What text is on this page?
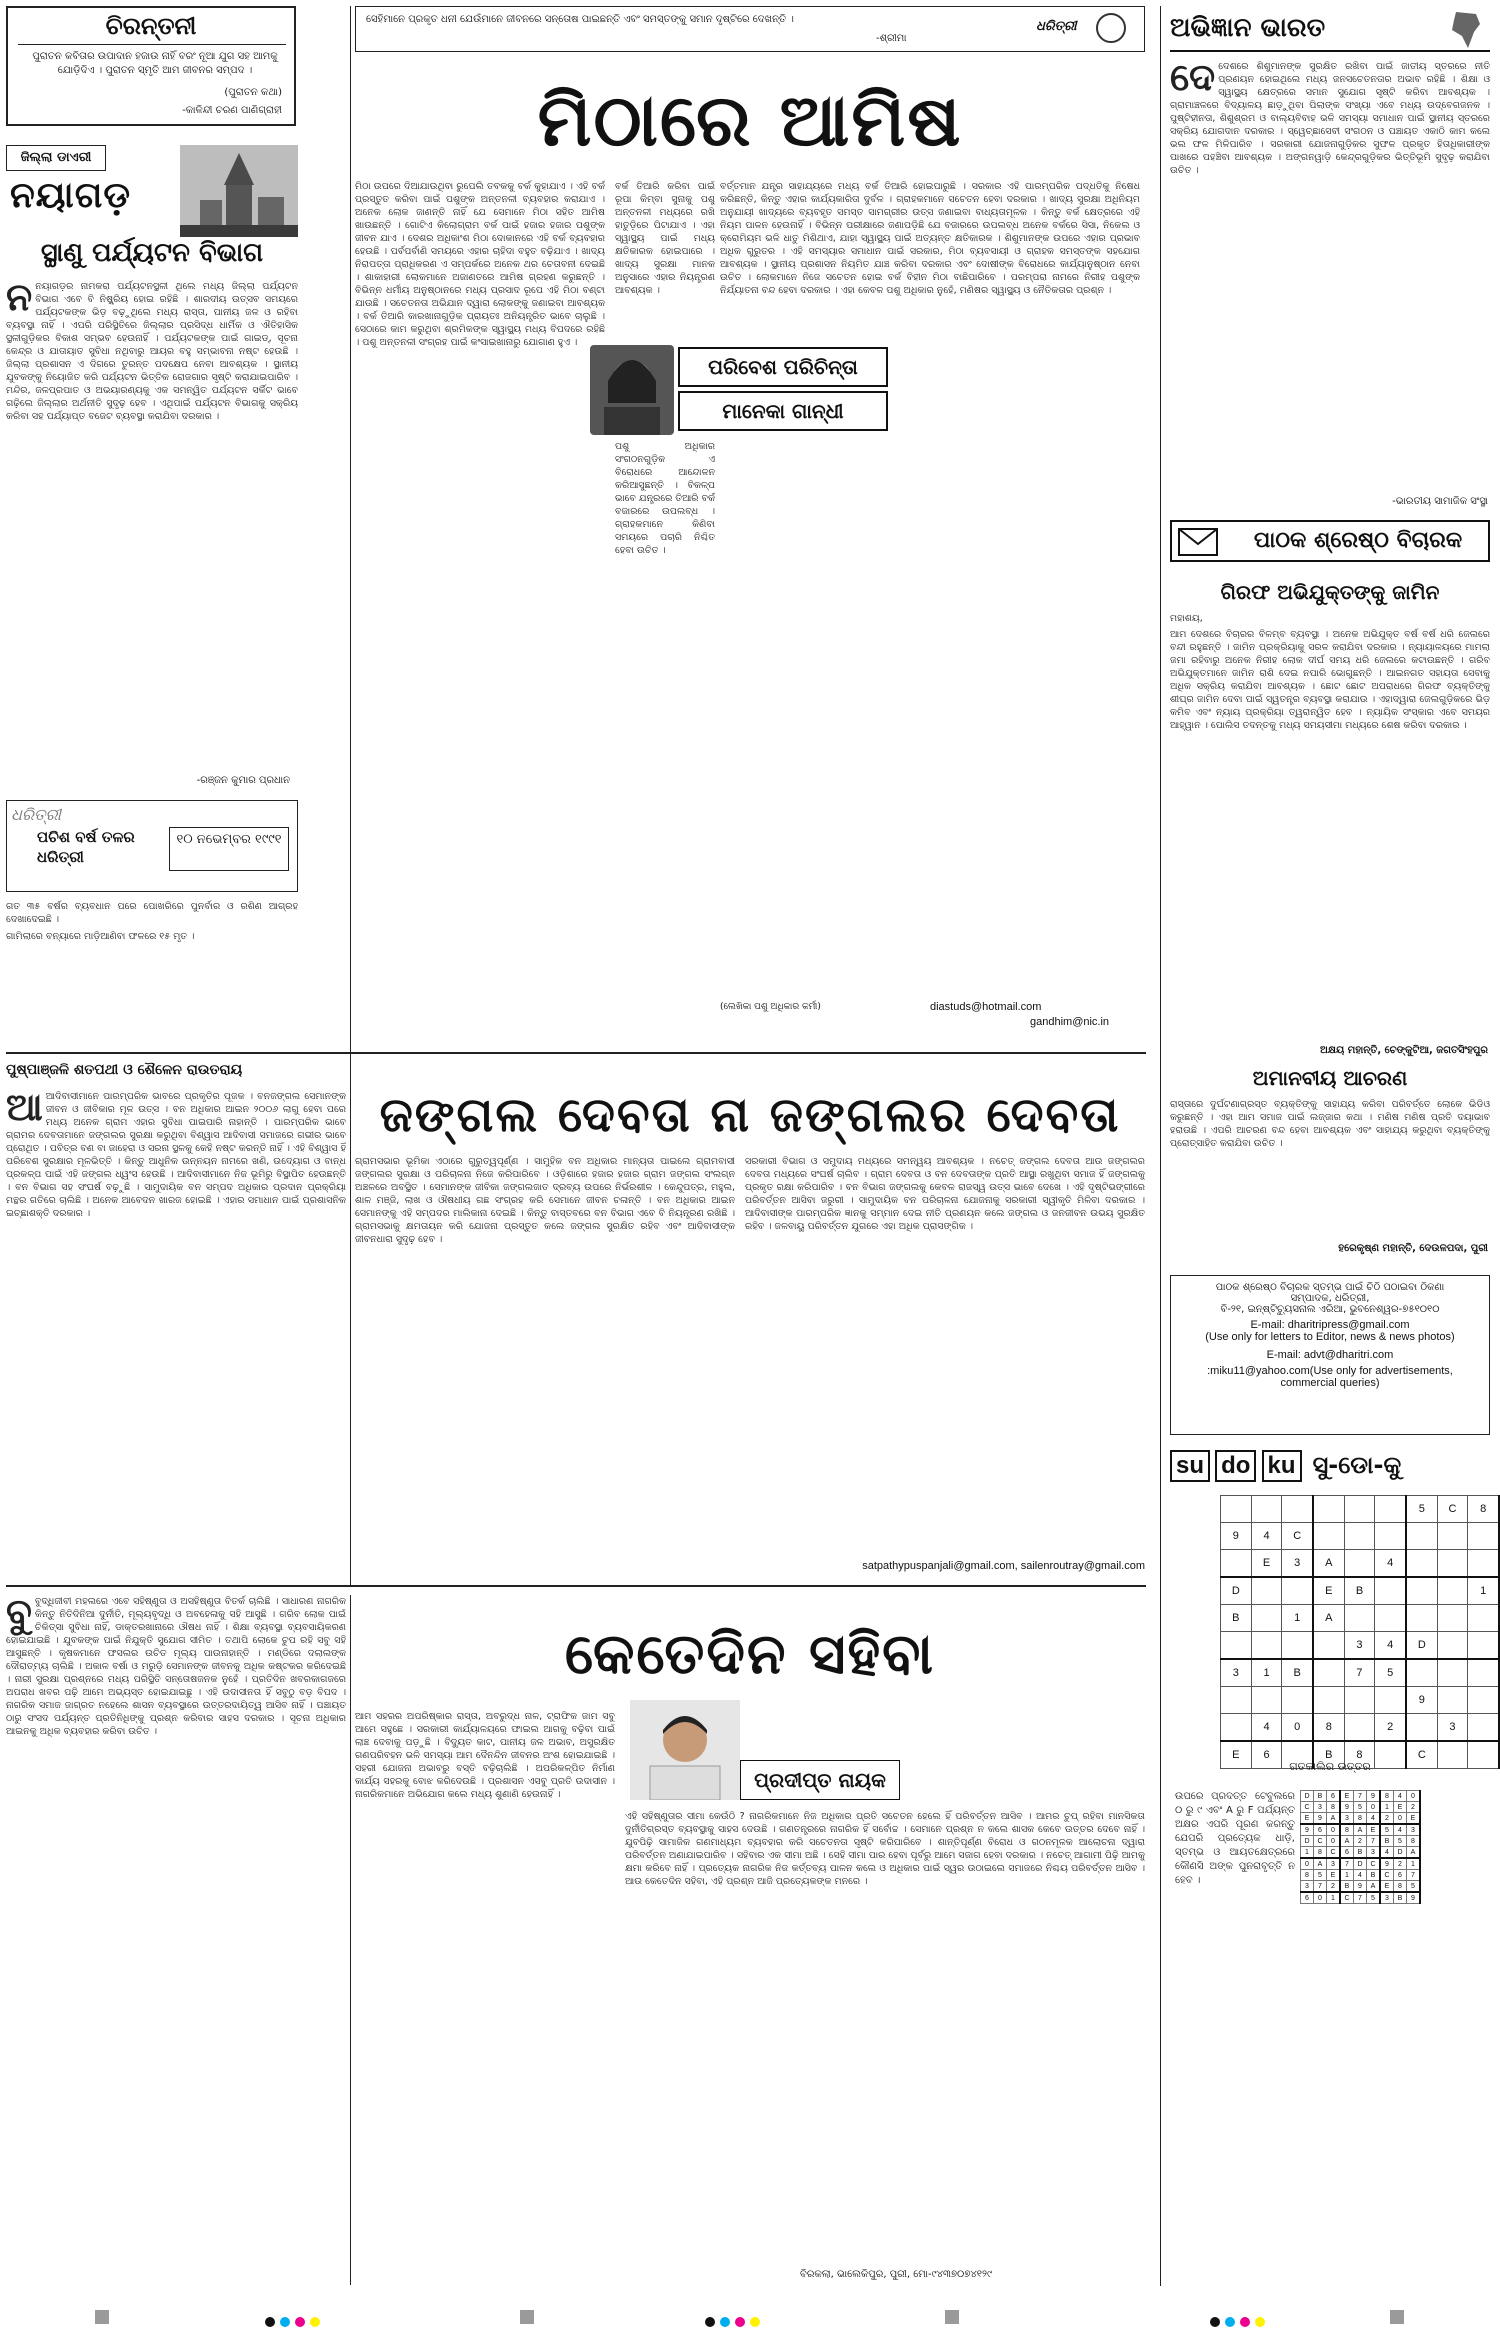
ଚିରନ୍ତନୀ
ପୁରାତନ କବିତାର ଉପାଦାନ ହଜାଉ ନାହିଁ ବରଂ ନୂଆ ଯୁଗ ସହ ଆମକୁ ଯୋଡ଼ିଦିଏ । ପୁରାତନ ସ୍ମୃତି ଆମ ଜୀବନର ସମ୍ପଦ ।
(ପୁରାତନ କଥା)
-କାଳିନ୍ଦୀ ଚରଣ ପାଣିଗ୍ରାହୀ
ଜିଲ୍ଲା ଡାଏରୀ
ନୟାଗଡ଼
ସ୍ଥାଣୁ ପର୍ଯ୍ୟଟନ ବିଭାଗ
ନ ନୟାଗଡ଼ର ନାମକରା ପର୍ଯ୍ୟଟନସ୍ଥଳୀ ଥିଲେ ମଧ୍ୟ ଜିଲ୍ଲା ପର୍ଯ୍ୟଟନ ବିଭାଗ ଏବେ ବି ନିଷ୍କ୍ରିୟ ହୋଇ ରହିଛି । ଶାରଦୀୟ ଉତ୍ସବ ସମୟରେ ପର୍ଯ୍ୟଟକଙ୍କ ଭିଡ଼ ବଢ଼ୁଥିଲେ ମଧ୍ୟ ରାସ୍ତା, ପାନୀୟ ଜଳ ଓ ରହିବା ବ୍ୟବସ୍ଥା ନାହିଁ । ଏପରି ପରିସ୍ଥିତିରେ ଜିଲ୍ଲାର ପ୍ରସିଦ୍ଧ ଧାର୍ମିକ ଓ ଐତିହାସିକ ସ୍ଥଳୀଗୁଡ଼ିକର ବିକାଶ ସମ୍ଭବ ହେଉନାହିଁ । ପର୍ଯ୍ୟଟକଙ୍କ ପାଇଁ ଗାଇଡ୍, ସୂଚନା କେନ୍ଦ୍ର ଓ ଯାତାୟାତ ସୁବିଧା ନଥିବାରୁ ଆୟର ବହୁ ସମ୍ଭାବନା ନଷ୍ଟ ହେଉଛି । ଜିଲ୍ଲା ପ୍ରଶାସନ ଏ ଦିଗରେ ତୁରନ୍ତ ପଦକ୍ଷେପ ନେବା ଆବଶ୍ୟକ । ସ୍ଥାନୀୟ ଯୁବକଙ୍କୁ ନିୟୋଜିତ କରି ପର୍ଯ୍ୟଟନ ଭିତ୍ତିକ ରୋଜଗାର ସୃଷ୍ଟି କରାଯାଇପାରିବ । ମନ୍ଦିର, ଜଳପ୍ରପାତ ଓ ଅଭୟାରଣ୍ୟକୁ ଏକ ସମନ୍ୱିତ ପର୍ଯ୍ୟଟନ ସର୍କିଟ ଭାବେ ଗଢ଼ିଲେ ଜିଲ୍ଲାର ଅର୍ଥନୀତି ସୁଦୃଢ଼ ହେବ । ଏଥିପାଇଁ ପର୍ଯ୍ୟଟନ ବିଭାଗକୁ ସକ୍ରିୟ କରିବା ସହ ପର୍ଯ୍ୟାପ୍ତ ବଜେଟ ବ୍ୟବସ୍ଥା କରାଯିବା ଦରକାର ।
-ରଞ୍ଜନ କୁମାର ପ୍ରଧାନ
ଧରିତ୍ରୀ
ପଚିଶ ବର୍ଷ ତଳର ଧରିତ୍ରୀ
୧୦ ନଭେମ୍ବର ୧୯୯୧
ଗତ ୩୫ ବର୍ଷର ବ୍ୟବଧାନ ପରେ ପୋଖରିରେ ପୁନର୍ବାର ଓ ରଶିଣ ଆଗ୍ରହ ଦେଖାଦେଇଛି ।
ଗାମିଲାରେ ବନ୍ୟାରେ ମାଡ଼ିଆଣିବା ଫଳରେ ୧୫ ମୃତ ।
ସେହିମାନେ ପ୍ରକୃତ ଧନୀ ଯେଉଁମାନେ ଜୀବନରେ ସନ୍ତୋଷ ପାଇଛନ୍ତି ଏବଂ ସମସ୍ତଙ୍କୁ ସମାନ ଦୃଷ୍ଟିରେ ଦେଖନ୍ତି ।
-ଶ୍ରୀମା
ଧରିତ୍ରୀ
ମିଠାରେ ଆମିଷ
ମିଠା ଉପରେ ଦିଆଯାଉଥିବା ରୁପେଲି ତବକକୁ ବର୍କ କୁହାଯାଏ । ଏହି ବର୍କ ପ୍ରସ୍ତୁତ କରିବା ପାଇଁ ପଶୁଙ୍କ ଅନ୍ତନଳୀ ବ୍ୟବହାର କରାଯାଏ । ଅନେକ ଲୋକ ଜାଣନ୍ତି ନାହିଁ ଯେ ସେମାନେ ମିଠା ସହିତ ଆମିଷ ଖାଉଛନ୍ତି । ଗୋଟିଏ କିଲୋଗ୍ରାମ ବର୍କ ପାଇଁ ହଜାର ହଜାର ପଶୁଙ୍କ ଜୀବନ ଯାଏ । ଦେଶର ଅଧିକାଂଶ ମିଠା ଦୋକାନରେ ଏହି ବର୍କ ବ୍ୟବହାର ହେଉଛି । ପର୍ବପର୍ବାଣି ସମୟରେ ଏହାର ଚାହିଦା ବହୁତ ବଢ଼ିଯାଏ । ଖାଦ୍ୟ ନିରାପତ୍ତା ପ୍ରାଧିକରଣ ଏ ସମ୍ପର୍କରେ ଅନେକ ଥର ଚେତାବନୀ ଦେଇଛି । ଶାକାହାରୀ ଲୋକମାନେ ଅଜାଣତରେ ଆମିଷ ଗ୍ରହଣ କରୁଛନ୍ତି । ବିଭିନ୍ନ ଧର୍ମୀୟ ଅନୁଷ୍ଠାନରେ ମଧ୍ୟ ପ୍ରସାଦ ରୂପେ ଏହି ମିଠା ବଣ୍ଟା ଯାଉଛି । ସଚେତନତା ଅଭିଯାନ ଦ୍ୱାରା ଲୋକଙ୍କୁ ଜଣାଇବା ଆବଶ୍ୟକ । ବର୍କ ତିଆରି କାରଖାନାଗୁଡ଼ିକ ପ୍ରାୟତଃ ଅନିୟନ୍ତ୍ରିତ ଭାବେ ଚାଲୁଛି । ସେଠାରେ କାମ କରୁଥିବା ଶ୍ରମିକଙ୍କ ସ୍ୱାସ୍ଥ୍ୟ ମଧ୍ୟ ବିପଦରେ ରହିଛି । ପଶୁ ଅନ୍ତନଳୀ ସଂଗ୍ରହ ପାଇଁ କଂସାଇଖାନାରୁ ଯୋଗାଣ ହୁଏ ।
ବର୍କ ତିଆରି କରିବା ପାଇଁ ରୂପା କିମ୍ବା ସୁନାକୁ ପଶୁ ଅନ୍ତନଳୀ ମଧ୍ୟରେ ରଖି ହାତୁଡ଼ିରେ ପିଟାଯାଏ । ଏହା ସ୍ୱାସ୍ଥ୍ୟ ପାଇଁ ମଧ୍ୟ କ୍ଷତିକାରକ ହୋଇପାରେ । ଖାଦ୍ୟ ସୁରକ୍ଷା ମାନକ ଅନୁସାରେ ଏହାର ନିୟନ୍ତ୍ରଣ ଆବଶ୍ୟକ ।
ପରିବେଶ ପରିଚିନ୍ତା
ମାନେକା ଗାନ୍ଧୀ
ପଶୁ ଅଧିକାର ସଂଗଠନଗୁଡ଼ିକ ଏ ବିରୋଧରେ ଆନ୍ଦୋଳନ କରିଆସୁଛନ୍ତି । ବିକଳ୍ପ ଭାବେ ଯନ୍ତ୍ରରେ ତିଆରି ବର୍କ ବଜାରରେ ଉପଲବ୍ଧ । ଗ୍ରାହକମାନେ କିଣିବା ସମୟରେ ପଚାରି ନିଶ୍ଚିତ ହେବା ଉଚିତ ।
ବର୍ତ୍ତମାନ ଯନ୍ତ୍ର ସାହାଯ୍ୟରେ ମଧ୍ୟ ବର୍କ ତିଆରି ହୋଇପାରୁଛି । ସରକାର ଏହି ପାରମ୍ପରିକ ପଦ୍ଧତିକୁ ନିଷେଧ କରିଛନ୍ତି, କିନ୍ତୁ ଏହାର କାର୍ଯ୍ୟକାରିତା ଦୁର୍ବଳ । ଗ୍ରାହକମାନେ ସଚେତନ ହେବା ଦରକାର । ଖାଦ୍ୟ ସୁରକ୍ଷା ଅଧିନିୟମ ଅନୁଯାୟୀ ଖାଦ୍ୟରେ ବ୍ୟବହୃତ ସମସ୍ତ ସାମଗ୍ରୀର ଉତ୍ସ ଜଣାଇବା ବାଧ୍ୟତାମୂଳକ । କିନ୍ତୁ ବର୍କ କ୍ଷେତ୍ରରେ ଏହି ନିୟମ ପାଳନ ହେଉନାହିଁ । ବିଭିନ୍ନ ପରୀକ୍ଷାରେ ଜଣାପଡ଼ିଛି ଯେ ବଜାରରେ ଉପଲବ୍ଧ ଅନେକ ବର୍କରେ ସିସା, ନିକେଲ ଓ କ୍ରୋମିୟମ ଭଳି ଧାତୁ ମିଶିଥାଏ, ଯାହା ସ୍ୱାସ୍ଥ୍ୟ ପାଇଁ ଅତ୍ୟନ୍ତ କ୍ଷତିକାରକ । ଶିଶୁମାନଙ୍କ ଉପରେ ଏହାର ପ୍ରଭାବ ଅଧିକ ଗୁରୁତର । ଏହି ସମସ୍ୟାର ସମାଧାନ ପାଇଁ ସରକାର, ମିଠା ବ୍ୟବସାୟୀ ଓ ଗ୍ରାହକ ସମସ୍ତଙ୍କ ସହଯୋଗ ଆବଶ୍ୟକ । ସ୍ଥାନୀୟ ପ୍ରଶାସନ ନିୟମିତ ଯାଞ୍ଚ କରିବା ଦରକାର ଏବଂ ଦୋଷୀଙ୍କ ବିରୋଧରେ କାର୍ଯ୍ୟାନୁଷ୍ଠାନ ନେବା ଉଚିତ । ଲୋକମାନେ ନିଜେ ସଚେତନ ହୋଇ ବର୍କ ବିହୀନ ମିଠା ବାଛିପାରିବେ । ପରମ୍ପରା ନାମରେ ନିରୀହ ପଶୁଙ୍କ ନିର୍ଯ୍ୟାତନା ବନ୍ଦ ହେବା ଦରକାର । ଏହା କେବଳ ପଶୁ ଅଧିକାର ନୁହେଁ, ମଣିଷର ସ୍ୱାସ୍ଥ୍ୟ ଓ ନୈତିକତାର ପ୍ରଶ୍ନ ।
(ଲେଖିକା ପଶୁ ଅଧିକାର କର୍ମୀ)	diastuds@hotmail.com
gandhim@nic.in
ଅଭିଜ୍ଞାନ ଭାରତ
ଦେ ଦେଶରେ ଶିଶୁମାନଙ୍କ ସୁରକ୍ଷିତ ରଖିବା ପାଇଁ ଜାତୀୟ ସ୍ତରରେ ନୀତି ପ୍ରଣୟନ ହୋଇଥିଲେ ମଧ୍ୟ ଜନସଚେତନତାର ଅଭାବ ରହିଛି । ଶିକ୍ଷା ଓ ସ୍ୱାସ୍ଥ୍ୟ କ୍ଷେତ୍ରରେ ସମାନ ସୁଯୋଗ ସୃଷ୍ଟି କରିବା ଆବଶ୍ୟକ । ଗ୍ରାମାଞ୍ଚଳରେ ବିଦ୍ୟାଳୟ ଛାଡ଼ୁଥିବା ପିଲାଙ୍କ ସଂଖ୍ୟା ଏବେ ମଧ୍ୟ ଉଦ୍ବେଗଜନକ । ପୁଷ୍ଟିହୀନତା, ଶିଶୁଶ୍ରମ ଓ ବାଲ୍ୟବିବାହ ଭଳି ସମସ୍ୟା ସମାଧାନ ପାଇଁ ସ୍ଥାନୀୟ ସ୍ତରରେ ସକ୍ରିୟ ଯୋଗଦାନ ଦରକାର । ସ୍ୱେଚ୍ଛାସେବୀ ସଂଗଠନ ଓ ପଞ୍ଚାୟତ ଏକାଠି କାମ କଲେ ଭଲ ଫଳ ମିଳିପାରିବ । ସରକାରୀ ଯୋଜନାଗୁଡ଼ିକର ସୁଫଳ ପ୍ରକୃତ ହିତାଧିକାରୀଙ୍କ ପାଖରେ ପହଞ୍ଚିବା ଆବଶ୍ୟକ । ଅଙ୍ଗନୱାଡ଼ି କେନ୍ଦ୍ରଗୁଡ଼ିକର ଭିତ୍ତିଭୂମି ସୁଦୃଢ଼ କରାଯିବା ଉଚିତ ।
-ଭାରତୀୟ ସାମାଜିକ ସଂସ୍ଥା
ପାଠକ ଶ୍ରେଷ୍ଠ ବିଚାରକ
ଗିରଫ ଅଭିଯୁକ୍ତଙ୍କୁ ଜାମିନ
ମହାଶୟ,
ଆମ ଦେଶରେ ବିଚାରର ବିଳମ୍ବ ବ୍ୟବସ୍ଥା । ଅନେକ ଅଭିଯୁକ୍ତ ବର୍ଷ ବର୍ଷ ଧରି ଜେଲରେ ବନ୍ଦୀ ରହୁଛନ୍ତି । ଜାମିନ ପ୍ରକ୍ରିୟାକୁ ସରଳ କରାଯିବା ଦରକାର । ନ୍ୟାୟାଳୟରେ ମାମଲା ଜମା ରହିବାରୁ ଅନେକ ନିରୀହ ଲୋକ ଦୀର୍ଘ ସମୟ ଧରି ଜେଲରେ କଟାଉଛନ୍ତି । ଗରିବ ଅଭିଯୁକ୍ତମାନେ ଜାମିନ ରାଶି ଦେଇ ନପାରି ଭୋଗୁଛନ୍ତି । ଆଇନଗତ ସହାୟତା ସେବାକୁ ଅଧିକ ସକ୍ରିୟ କରାଯିବା ଆବଶ୍ୟକ । ଛୋଟ ଛୋଟ ଅପରାଧରେ ଗିରଫ ବ୍ୟକ୍ତିଙ୍କୁ ଶୀଘ୍ର ଜାମିନ ଦେବା ପାଇଁ ସ୍ୱତନ୍ତ୍ର ବ୍ୟବସ୍ଥା କରାଯାଉ । ଏହାଦ୍ୱାରା ଜେଲଗୁଡ଼ିକରେ ଭିଡ଼ କମିବ ଏବଂ ନ୍ୟାୟ ପ୍ରକ୍ରିୟା ତ୍ୱରାନ୍ୱିତ ହେବ । ନ୍ୟାୟିକ ସଂସ୍କାର ଏବେ ସମୟର ଆହ୍ୱାନ । ପୋଲିସ ତଦନ୍ତକୁ ମଧ୍ୟ ସମୟସୀମା ମଧ୍ୟରେ ଶେଷ କରିବା ଦରକାର ।
ଅକ୍ଷୟ ମହାନ୍ତି, ଚେଙ୍କୁଟିଆ, ଜଗତସିଂହପୁର
ଅମାନବୀୟ ଆଚରଣ
ରାସ୍ତାରେ ଦୁର୍ଘଟଣାଗ୍ରସ୍ତ ବ୍ୟକ୍ତିଙ୍କୁ ସାହାଯ୍ୟ କରିବା ପରିବର୍ତ୍ତେ ଲୋକେ ଭିଡିଓ କରୁଛନ୍ତି । ଏହା ଆମ ସମାଜ ପାଇଁ ଲଜ୍ଜାର କଥା । ମଣିଷ ମଣିଷ ପ୍ରତି ଦୟାଭାବ ହରାଉଛି । ଏପରି ଆଚରଣ ବନ୍ଦ ହେବା ଆବଶ୍ୟକ ଏବଂ ସାହାଯ୍ୟ କରୁଥିବା ବ୍ୟକ୍ତିଙ୍କୁ ପ୍ରୋତ୍ସାହିତ କରାଯିବା ଉଚିତ ।
ହରେକୃଷ୍ଣ ମହାନ୍ତି, ଦେଉଳପଦା, ପୁରୀ
ପାଠକ ଶ୍ରେଷ୍ଠ ବିଚାରକ ସ୍ତମ୍ଭ ପାଇଁ ଚିଠି ପଠାଇବା ଠିକଣା
ସମ୍ପାଦକ, ଧରିତ୍ରୀ,
ବି-୨୧, ଇନ୍‌ଷ୍ଟିଚ୍ୟୁସନାଲ ଏରିଆ, ଭୁବନେଶ୍ୱର-୭୫୧୦୧୦
E-mail: dharitripress@gmail.com
(Use only for letters to Editor, news & news photos)
E-mail: advt@dharitri.com
:miku11@yahoo.com(Use only for advertisements, commercial queries)
ପୁଷ୍ପାଞ୍ଜଳି ଶତପଥୀ ଓ ଶୈଳେନ ରାଉତରାୟ
ଜଙ୍ଗଲ ଦେବତା ନା ଜଙ୍ଗଲର ଦେବତା
ଆ ଆଦିବାସୀମାନେ ପାରମ୍ପରିକ ଭାବରେ ପ୍ରକୃତିର ପୂଜକ । ବନଜଙ୍ଗଲ ସେମାନଙ୍କ ଜୀବନ ଓ ଜୀବିକାର ମୂଳ ଉତ୍ସ । ବନ ଅଧିକାର ଆଇନ ୨୦୦୬ ଲାଗୁ ହେବା ପରେ ମଧ୍ୟ ଅନେକ ଗ୍ରାମ ଏହାର ସୁବିଧା ପାଇପାରି ନାହାନ୍ତି । ପାରମ୍ପରିକ ଭାବେ ଗ୍ରାମର ଦେବତାମାନେ ଜଙ୍ଗଲର ସୁରକ୍ଷା କରୁଥିବା ବିଶ୍ୱାସ ଆଦିବାସୀ ସମାଜରେ ଗଭୀର ଭାବେ ପ୍ରୋଥିତ । ପବିତ୍ର ବଣ ବା ଜାହେରା ଓ ସରନା ସ୍ଥଳକୁ କେହି ନଷ୍ଟ କରନ୍ତି ନାହିଁ । ଏହି ବିଶ୍ୱାସ ହିଁ ପରିବେଶ ସୁରକ୍ଷାର ମୂଳଭିତ୍ତି । କିନ୍ତୁ ଆଧୁନିକ ଉନ୍ନୟନ ନାମରେ ଖଣି, ଉଦ୍ୟୋଗ ଓ ବାନ୍ଧ ପ୍ରକଳ୍ପ ପାଇଁ ଏହି ଜଙ୍ଗଲ ଧ୍ୱଂସ ହେଉଛି । ଆଦିବାସୀମାନେ ନିଜ ଭୂମିରୁ ବିସ୍ଥାପିତ ହେଉଛନ୍ତି । ବନ ବିଭାଗ ସହ ସଂଘର୍ଷ ବଢ଼ୁଛି । ସାମୁଦାୟିକ ବନ ସମ୍ପଦ ଅଧିକାର ପ୍ରଦାନ ପ୍ରକ୍ରିୟା ମନ୍ଥର ଗତିରେ ଚାଲିଛି । ଅନେକ ଆବେଦନ ଖାରଜ ହୋଇଛି । ଏହାର ସମାଧାନ ପାଇଁ ପ୍ରଶାସନିକ ଇଚ୍ଛାଶକ୍ତି ଦରକାର ।
ଗ୍ରାମସଭାର ଭୂମିକା ଏଠାରେ ଗୁରୁତ୍ୱପୂର୍ଣ୍ଣ । ସାମୁହିକ ବନ ଅଧିକାର ମାନ୍ୟତା ପାଇଲେ ଗ୍ରାମବାସୀ ଜଙ୍ଗଲର ସୁରକ୍ଷା ଓ ପରିଚାଳନା ନିଜେ କରିପାରିବେ । ଓଡ଼ିଶାରେ ହଜାର ହଜାର ଗ୍ରାମ ଜଙ୍ଗଲ ସଂଲଗ୍ନ ଅଞ୍ଚଳରେ ଅବସ୍ଥିତ । ସେମାନଙ୍କ ଜୀବିକା ଜଙ୍ଗଲଜାତ ଦ୍ରବ୍ୟ ଉପରେ ନିର୍ଭରଶୀଳ । କେନ୍ଦୁପତ୍ର, ମହୁଲ, ଶାଳ ମଞ୍ଜି, ଲାଖ ଓ ଔଷଧୀୟ ଗଛ ସଂଗ୍ରହ କରି ସେମାନେ ଜୀବନ ଚଳାନ୍ତି । ବନ ଅଧିକାର ଆଇନ ସେମାନଙ୍କୁ ଏହି ସମ୍ପଦର ମାଲିକାନା ଦେଇଛି । କିନ୍ତୁ ବାସ୍ତବରେ ବନ ବିଭାଗ ଏବେ ବି ନିୟନ୍ତ୍ରଣ ରଖିଛି । ଗ୍ରାମସଭାକୁ କ୍ଷମତାୟନ କରି ଯୋଜନା ପ୍ରସ୍ତୁତ କଲେ ଜଙ୍ଗଲ ସୁରକ୍ଷିତ ରହିବ ଏବଂ ଆଦିବାସୀଙ୍କ ଜୀବନଧାରା ସୁଦୃଢ଼ ହେବ ।
ସରକାରୀ ବିଭାଗ ଓ ସମୁଦାୟ ମଧ୍ୟରେ ସମନ୍ୱୟ ଆବଶ୍ୟକ । ନଚେତ୍ ଜଙ୍ଗଲ ଦେବତା ଆଉ ଜଙ୍ଗଲର ଦେବତା ମଧ୍ୟରେ ସଂଘର୍ଷ ଚାଲିବ । ଗ୍ରାମ ଦେବତା ଓ ବନ ଦେବତାଙ୍କ ପ୍ରତି ଆସ୍ଥା ରଖୁଥିବା ସମାଜ ହିଁ ଜଙ୍ଗଲକୁ ପ୍ରକୃତ ରକ୍ଷା କରିପାରିବ । ବନ ବିଭାଗ ଜଙ୍ଗଲକୁ କେବଳ ରାଜସ୍ୱ ଉତ୍ସ ଭାବେ ଦେଖେ । ଏହି ଦୃଷ୍ଟିଭଙ୍ଗୀରେ ପରିବର୍ତ୍ତନ ଆସିବା ଜରୁରୀ । ସାମୁଦାୟିକ ବନ ପରିଚାଳନା ଯୋଜନାକୁ ସରକାରୀ ସ୍ୱୀକୃତି ମିଳିବା ଦରକାର । ଆଦିବାସୀଙ୍କ ପାରମ୍ପରିକ ଜ୍ଞାନକୁ ସମ୍ମାନ ଦେଇ ନୀତି ପ୍ରଣୟନ କଲେ ଜଙ୍ଗଲ ଓ ଜନଜୀବନ ଉଭୟ ସୁରକ୍ଷିତ ରହିବ । ଜଳବାୟୁ ପରିବର୍ତ୍ତନ ଯୁଗରେ ଏହା ଅଧିକ ପ୍ରାସଙ୍ଗିକ ।
satpathypuspanjali@gmail.com, sailenroutray@gmail.com
କେତେଦିନ ସହିବା
ବୁ ବୁଦ୍ଧିଜୀବୀ ମହଲରେ ଏବେ ସହିଷ୍ଣୁତା ଓ ଅସହିଷ୍ଣୁତା ବିତର୍କ ଚାଲିଛି । ସାଧାରଣ ନାଗରିକ କିନ୍ତୁ ନିତିଦିନିଆ ଦୁର୍ନୀତି, ମୂଲ୍ୟବୃଦ୍ଧି ଓ ଅବହେଳାକୁ ସହି ଆସୁଛି । ଗରିବ ଲୋକ ପାଇଁ ଚିକିତ୍ସା ସୁବିଧା ନାହିଁ, ଡାକ୍ତରଖାନାରେ ଔଷଧ ନାହିଁ । ଶିକ୍ଷା ବ୍ୟବସ୍ଥା ବ୍ୟବସାୟିକରଣ ହୋଇଯାଇଛି । ଯୁବକଙ୍କ ପାଇଁ ନିଯୁକ୍ତି ସୁଯୋଗ ସୀମିତ । ତଥାପି ଲୋକେ ଚୁପ ରହି ସବୁ ସହି ଆସୁଛନ୍ତି । କୃଷକମାନେ ଫସଲର ଉଚିତ ମୂଲ୍ୟ ପାଉନାହାନ୍ତି । ମଣ୍ଡିରେ ଦଲାଲଙ୍କ ଦୌରାତ୍ମ୍ୟ ଚାଲିଛି । ଅକାଳ ବର୍ଷା ଓ ମରୁଡ଼ି ସେମାନଙ୍କ ଜୀବନକୁ ଅଧିକ କଷ୍ଟକର କରିଦେଇଛି । ନାରୀ ସୁରକ୍ଷା ପ୍ରଶ୍ନରେ ମଧ୍ୟ ପରିସ୍ଥିତି ସନ୍ତୋଷଜନକ ନୁହେଁ । ପ୍ରତିଦିନ ଖବରକାଗଜରେ ଅପରାଧ ଖବର ପଢ଼ି ଆମେ ଅଭ୍ୟସ୍ତ ହୋଇଯାଇଛୁ । ଏହି ଉଦାସୀନତା ହିଁ ସବୁଠୁ ବଡ଼ ବିପଦ । ନାଗରିକ ସମାଜ ଜାଗ୍ରତ ନହେଲେ ଶାସନ ବ୍ୟବସ୍ଥାରେ ଉତ୍ତରଦାୟିତ୍ୱ ଆସିବ ନାହିଁ । ପଞ୍ଚାୟତ ଠାରୁ ସଂସଦ ପର୍ଯ୍ୟନ୍ତ ପ୍ରତିନିଧିଙ୍କୁ ପ୍ରଶ୍ନ କରିବାର ସାହସ ଦରକାର । ସୂଚନା ଅଧିକାର ଆଇନକୁ ଅଧିକ ବ୍ୟବହାର କରିବା ଉଚିତ ।
ଆମ ସହରର ଅପରିଷ୍କାର ରାସ୍ତା, ଅବରୁଦ୍ଧ ନାଳ, ଟ୍ରାଫିକ ଜାମ ସବୁ ଆମେ ସହୁଛେ । ସରକାରୀ କାର୍ଯ୍ୟାଳୟରେ ଫାଇଲ ଆଗକୁ ବଢ଼ିବା ପାଇଁ ଲାଞ୍ଚ ଦେବାକୁ ପଡ଼ୁଛି । ବିଦ୍ୟୁତ କାଟ, ପାନୀୟ ଜଳ ଅଭାବ, ଅସୁରକ୍ଷିତ ଗଣପରିବହନ ଭଳି ସମସ୍ୟା ଆମ ଦୈନନ୍ଦିନ ଜୀବନର ଅଂଶ ହୋଇଯାଇଛି । ସହରୀ ଯୋଜନା ଅଭାବରୁ ବସ୍ତି ବଢ଼ିଚାଲିଛି । ଅପରିକଳ୍ପିତ ନିର୍ମାଣ କାର୍ଯ୍ୟ ସହରକୁ ବୋଝ କରିଦେଉଛି । ପ୍ରଶାସନ ଏସବୁ ପ୍ରତି ଉଦାସୀନ । ନାଗରିକମାନେ ଅଭିଯୋଗ କଲେ ମଧ୍ୟ ଶୁଣାଣି ହେଉନାହିଁ ।
ପ୍ରଦୀପ୍ତ ନାୟକ
ଏହି ସହିଷ୍ଣୁତାର ସୀମା କେଉଁଠି ? ନାଗରିକମାନେ ନିଜ ଅଧିକାର ପ୍ରତି ସଚେତନ ହେଲେ ହିଁ ପରିବର୍ତ୍ତନ ଆସିବ । ଆମର ଚୁପ୍ ରହିବା ମାନସିକତା ଦୁର୍ନୀତିଗ୍ରସ୍ତ ବ୍ୟବସ୍ଥାକୁ ସାହସ ଦେଉଛି । ଗଣତନ୍ତ୍ରରେ ନାଗରିକ ହିଁ ସର୍ବୋଚ୍ଚ । ସେମାନେ ପ୍ରଶ୍ନ ନ କଲେ ଶାସକ କେବେ ଉତ୍ତର ଦେବେ ନାହିଁ । ଯୁବପିଢ଼ି ସାମାଜିକ ଗଣମାଧ୍ୟମ ବ୍ୟବହାର କରି ସଚେତନତା ସୃଷ୍ଟି କରିପାରିବେ । ଶାନ୍ତିପୂର୍ଣ୍ଣ ବିରୋଧ ଓ ଗଠନମୂଳକ ଆଲୋଚନା ଦ୍ୱାରା ପରିବର୍ତ୍ତନ ଅଣାଯାଇପାରିବ । ସହିବାର ଏକ ସୀମା ଅଛି । ସେହି ସୀମା ପାର ହେବା ପୂର୍ବରୁ ଆମେ ସଜାଗ ହେବା ଦରକାର । ନଚେତ୍ ଆଗାମୀ ପିଢ଼ି ଆମକୁ କ୍ଷମା କରିବେ ନାହିଁ । ପ୍ରତ୍ୟେକ ନାଗରିକ ନିଜ କର୍ତ୍ତବ୍ୟ ପାଳନ କଲେ ଓ ଅଧିକାର ପାଇଁ ସ୍ୱର ଉଠାଇଲେ ସମାଜରେ ନିଶ୍ଚୟ ପରିବର୍ତ୍ତନ ଆସିବ । ଆଉ କେତେଦିନ ସହିବା, ଏହି ପ୍ରଶ୍ନ ଆଜି ପ୍ରତ୍ୟେକଙ୍କ ମନରେ ।
ବିରକଲା, ଭାଲେକିପୁର, ପୁରୀ, ମୋ-୯୪୩୭୦୭୪୧୨୯
su do ku ସୁ-ଡୋ-କୁ
						5	C	8
9	4	C						
	E	3	A		4			
D			E	B				1
B		1	A					
				3	4	D		
3	1	B		7	5			
						9		
	4	0	8		2		3	
E	6		B	8		C		
ଗତକାଲିର ଉତ୍ତର
ଉପରେ ପ୍ରଦତ୍ତ ଟେବୁଲରେ ୦ ରୁ ୯ ଏବଂ A ରୁ F ପର୍ଯ୍ୟନ୍ତ ଅକ୍ଷର ଏପରି ପୂରଣ କରନ୍ତୁ ଯେପରି ପ୍ରତ୍ୟେକ ଧାଡ଼ି, ସ୍ତମ୍ଭ ଓ ଆୟତକ୍ଷେତ୍ରରେ କୌଣସି ଅଙ୍କ ପୁନରାବୃତ୍ତି ନ ହେବ ।
D	B	6	E	7	9	8	4	0
C	3	8	9	5	0	1	E	2
E	9	A	3	8	4	2	0	E
9	6	0	8	A	E	5	4	3
D	C	0	A	2	7	B	5	8
1	8	C	6	B	3	4	D	A
0	A	3	7	D	C	9	2	1
8	5	E	1	4	B	C	6	7
3	7	2	B	9	A	E	8	5
6	0	1	C	7	5	3	B	9
